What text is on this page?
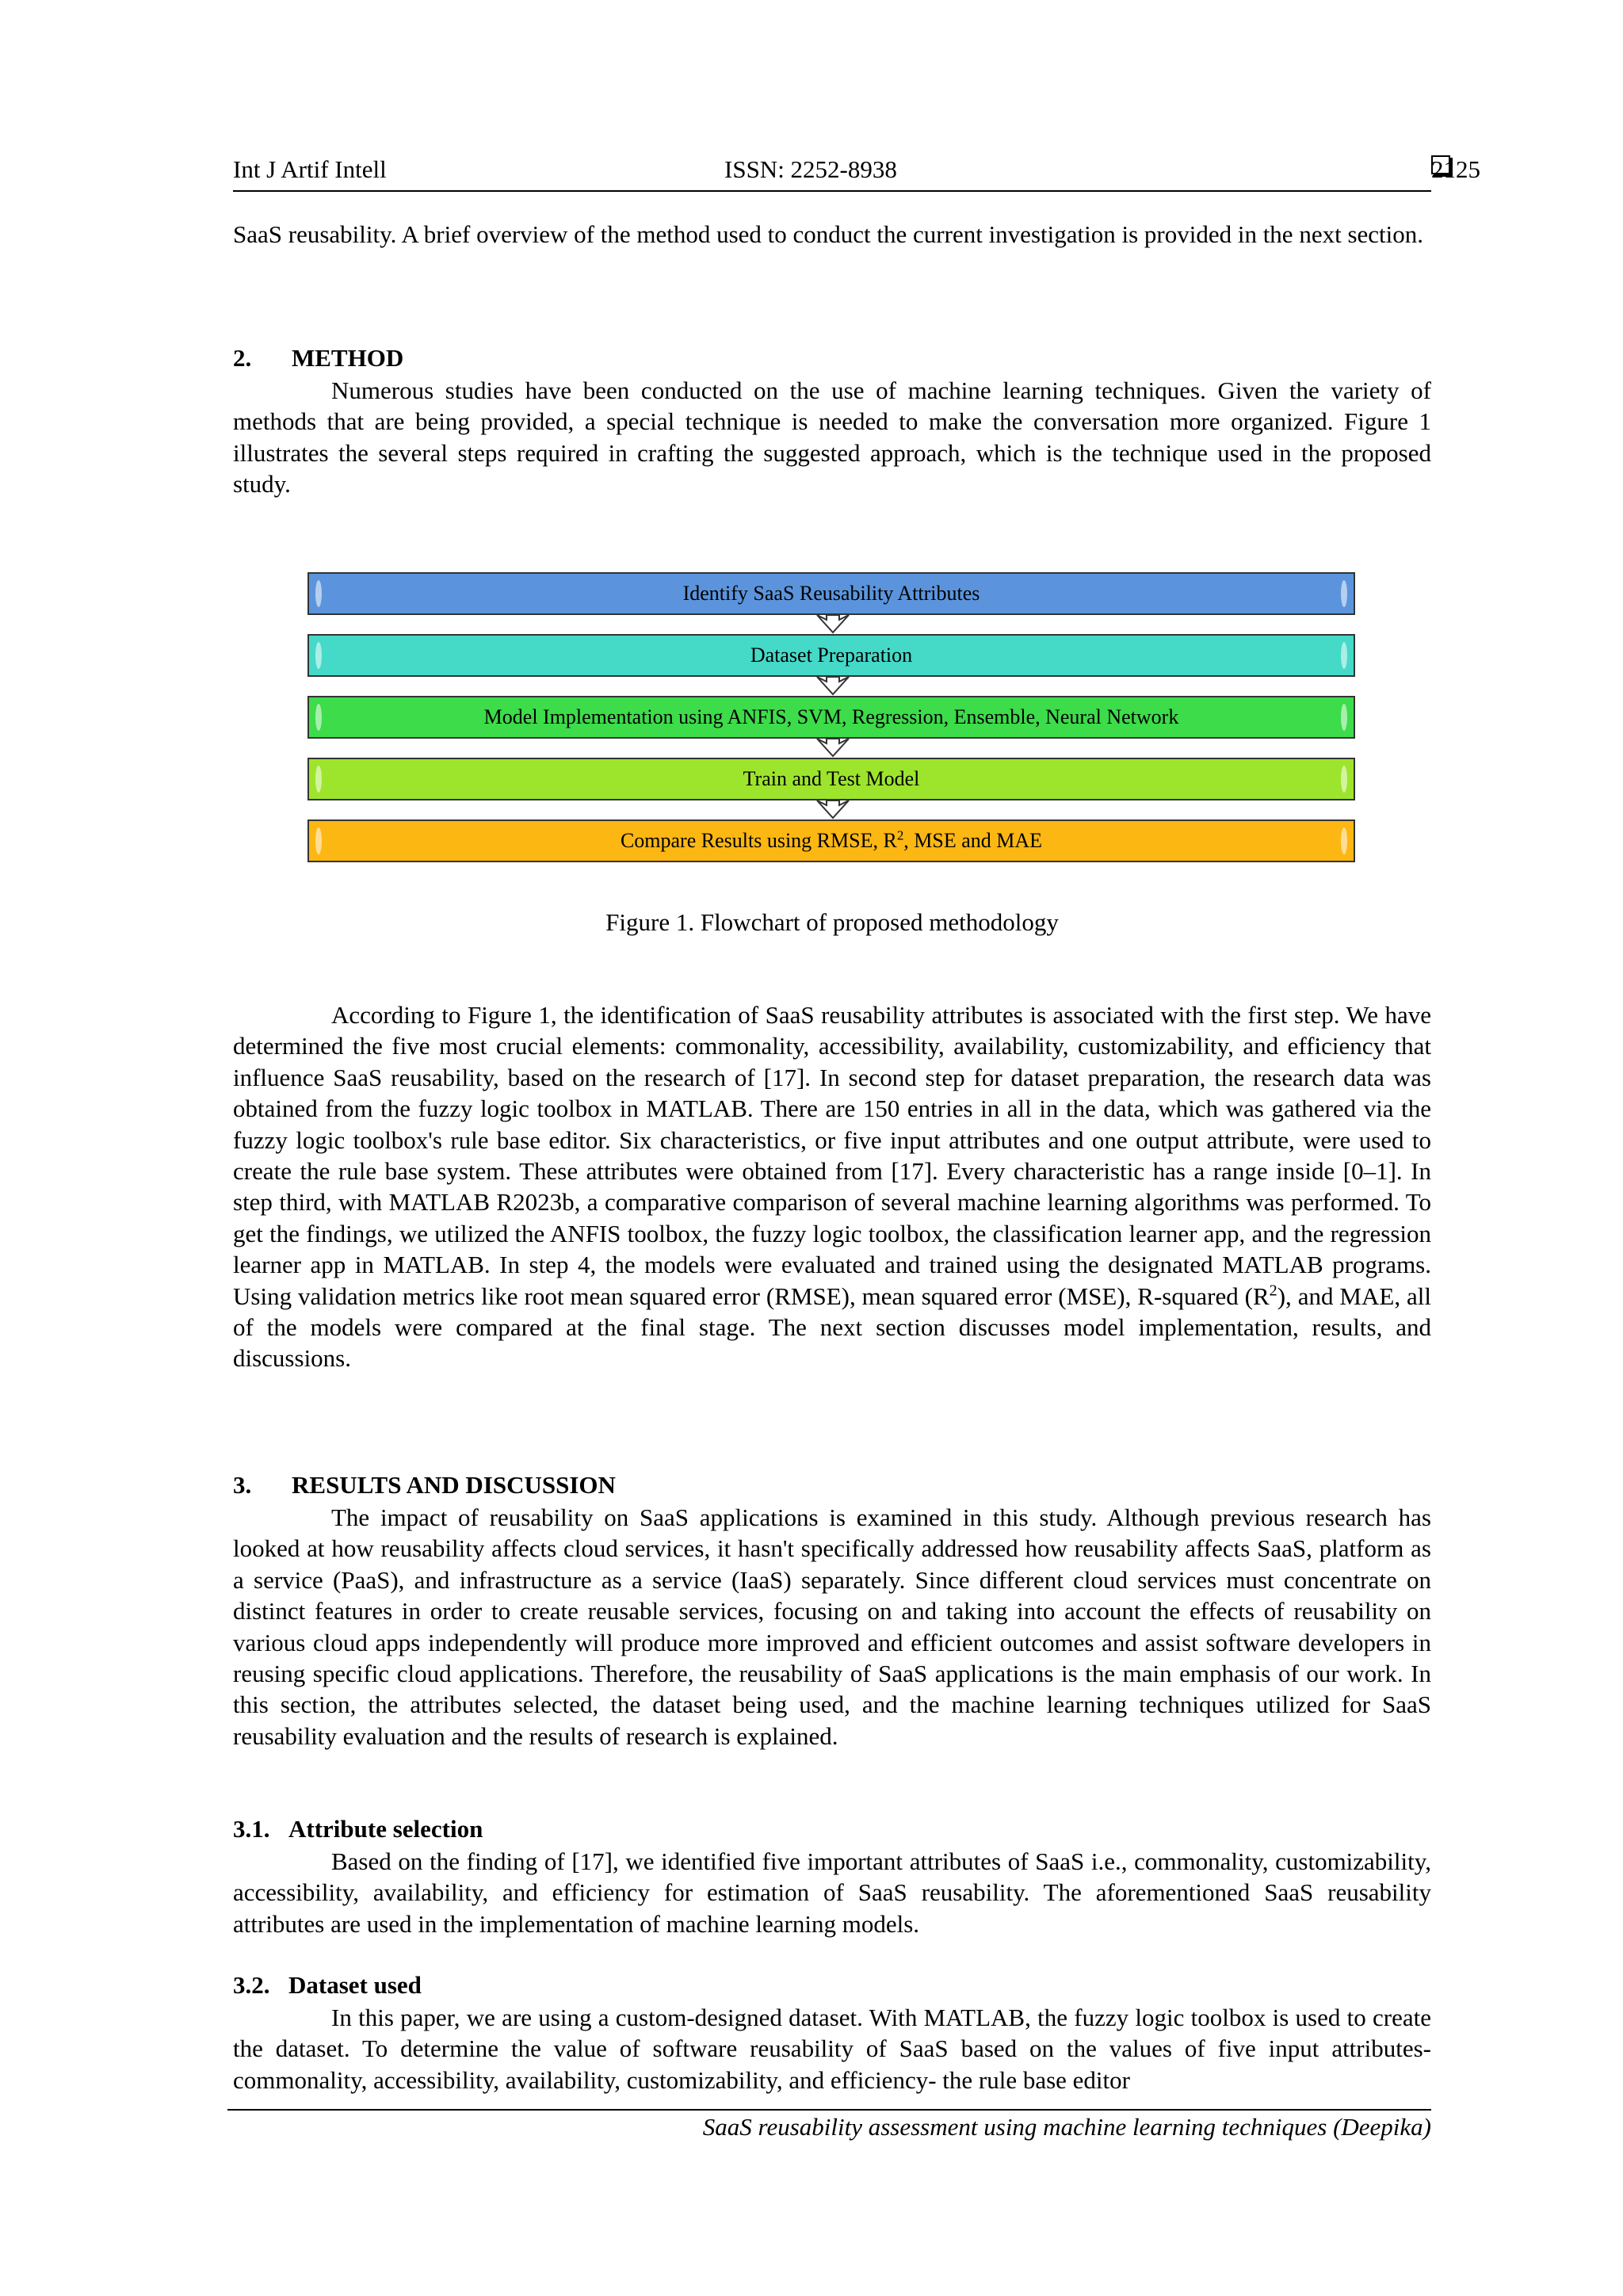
Int J Artif Intell	ISSN: 2252-8938	2125

SaaS reusability. A brief overview of the method used to conduct the current investigation is provided in the next section.

2. METHOD

Numerous studies have been conducted on the use of machine learning techniques. Given the variety of methods that are being provided, a special technique is needed to make the conversation more organized. Figure 1 illustrates the several steps required in crafting the suggested approach, which is the technique used in the proposed study.

Identify SaaS Reusability Attributes
Dataset Preparation
Model Implementation using ANFIS, SVM, Regression, Ensemble, Neural Network
Train and Test Model
Compare Results using RMSE, $R^2$, MSE and MAE

Figure 1. Flowchart of proposed methodology

According to Figure 1, the identification of SaaS reusability attributes is associated with the first step. We have determined the five most crucial elements: commonality, accessibility, availability, customizability, and efficiency that influence SaaS reusability, based on the research of [17]. In second step for dataset preparation, the research data was obtained from the fuzzy logic toolbox in MATLAB. There are 150 entries in all in the data, which was gathered via the fuzzy logic toolbox's rule base editor. Six characteristics, or five input attributes and one output attribute, were used to create the rule base system. These attributes were obtained from [17]. Every characteristic has a range inside [0–1]. In step third, with MATLAB R2023b, a comparative comparison of several machine learning algorithms was performed. To get the findings, we utilized the ANFIS toolbox, the fuzzy logic toolbox, the classification learner app, and the regression learner app in MATLAB. In step 4, the models were evaluated and trained using the designated MATLAB programs. Using validation metrics like root mean squared error (RMSE), mean squared error (MSE), R-squared $(R^2)$, and MAE, all of the models were compared at the final stage. The next section discusses model implementation, results, and discussions.

3. RESULTS AND DISCUSSION

The impact of reusability on SaaS applications is examined in this study. Although previous research has looked at how reusability affects cloud services, it hasn't specifically addressed how reusability affects SaaS, platform as a service (PaaS), and infrastructure as a service (IaaS) separately. Since different cloud services must concentrate on distinct features in order to create reusable services, focusing on and taking into account the effects of reusability on various cloud apps independently will produce more improved and efficient outcomes and assist software developers in reusing specific cloud applications. Therefore, the reusability of SaaS applications is the main emphasis of our work. In this section, the attributes selected, the dataset being used, and the machine learning techniques utilized for SaaS reusability evaluation and the results of research is explained.

3.1. Attribute selection

Based on the finding of [17], we identified five important attributes of SaaS i.e., commonality, customizability, accessibility, availability, and efficiency for estimation of SaaS reusability. The aforementioned SaaS reusability attributes are used in the implementation of machine learning models.

3.2. Dataset used

In this paper, we are using a custom-designed dataset. With MATLAB, the fuzzy logic toolbox is used to create the dataset. To determine the value of software reusability of SaaS based on the values of five input attributes-commonality, accessibility, availability, customizability, and efficiency- the rule base editor

SaaS reusability assessment using machine learning techniques (Deepika)
